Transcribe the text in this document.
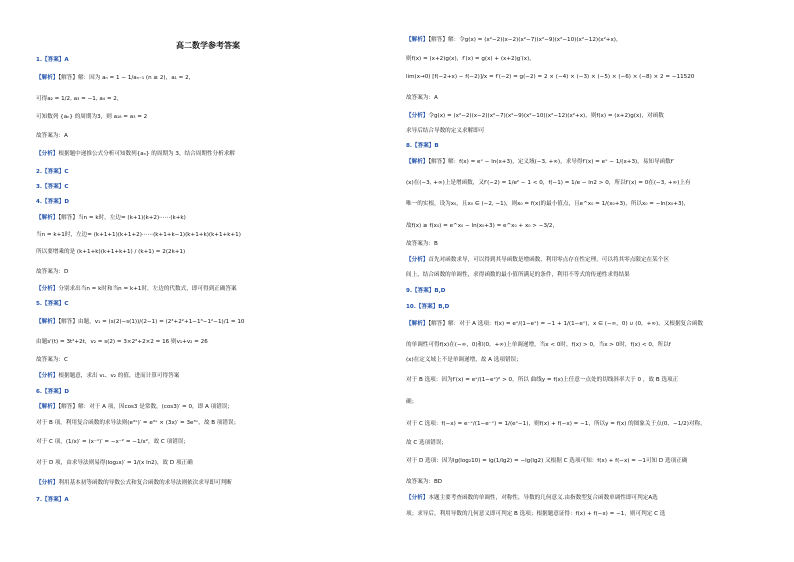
高二数学参考答案
1.【答案】A
【解析】【解答】解：因为 aₙ = 1 − 1/aₙ₋₁ (n ≥ 2)，a₁ = 2，
可得a₂ = 1/2, a₃ = −1, a₄ = 2，
可知数列 {aₙ} 的周期为3，则 a₁₈ = a₃ = 2
故答案为：A
【分析】根据题中递推公式分析可知数列{aₙ} 的周期为 3，结合周期性分析求解
2.【答案】C
3.【答案】C
4.【答案】D
【解析】【解答】当n = k时，左边= (k+1)(k+2)⋯⋯(k+k)
当n = k+1时，左边= (k+1+1)(k+1+2)⋯⋯(k+1+k−1)(k+1+k)(k+1+k+1)
所以要增乘的是 (k+1+k)(k+1+k+1) / (k+1) = 2(2k+1)
故答案为：D
【分析】分别求出当n = k时和当n = k+1时，左边的代数式，即可得到正确答案
5.【答案】C
【解析】【解答】由题，v₁ = (s(2)−s(1))/(2−1) = (2³+2²+1−1³−1²−1)/1 = 10
由题s'(t) = 3t²+2t，v₂ = s(2) = 3×2²+2×2 = 16 则v₁+v₂ = 26
故答案为：C
【分析】根据题意，求出 v₁、v₂ 的值，进而计算可得答案
6.【答案】D
【解析】【解答】解：对于 A 项，因cos3 是常数，(cos3)′ = 0，即 A 项错误；
对于 B 项，利用复合函数的求导法则(e³ˣ)′ = e³ˣ × (3x)′ = 3e³ˣ，故 B 项错误；
对于 C 项，(1/x)′ = (x⁻¹)′ = −x⁻² = −1/x²，故 C 项错误；
对于 D 项，由求导法则易得(log₂x)′ = 1/(x ln2)，故 D 项正确
【分析】利用基本初等函数的导数公式和复合函数的求导法则依次求导即可判断
7.【答案】A
【解析】【解答】解：令g(x) = (x²−2)(x−2)(x²−7)(x²−9)(x²−10)(x²−12)(x²+x)，
则f(x) = (x+2)g(x)，f′(x) = g(x) + (x+2)g′(x)，
lim(x→0) [f(−2+x) − f(−2)]/x = f′(−2) = g(−2) = 2 × (−4) × (−3) × (−5) × (−6) × (−8) × 2 = −11520
故答案为：A
【分析】令g(x) = (x²−2)(x−2)(x²−7)(x²−9)(x²−10)(x²−12)(x²+x)，则f(x) = (x+2)g(x)，对函数
求导后结合导数的定义求解即可
8.【答案】B
【解析】【解答】解：f(x) = eˣ − ln(x+3)，定义域(−3, +∞)，求导得f′(x) = eˣ − 1/(x+3)，易知导函数f′
(x)在(−3, +∞)上是增函数，又f′(−2) = 1/e² − 1 < 0，f(−1) = 1/e − ln2 > 0，所以f′(x) = 0在(−3, +∞)上有
唯一的实根，设为x₀，且x₀ ∈ (−2, −1)，则x₀ = f(x)的最小值点，且e^x₀ = 1/(x₀+3)，所以x₀ = −ln(x₀+3)，
故f(x) ≥ f(x₀) = e^x₀ − ln(x₀+3) = e^x₀ + x₀ > −3/2，
故答案为：B
【分析】首先对函数求导，可以得到其导函数是增函数，利用零点存在性定理，可以将其零点限定在某个区
间上，结合函数的单调性，求得函数的最小值所满足的条件，利用不等式的传递性求得结果
9.【答案】B,D
10.【答案】B,D
【解析】【解答】解：对于 A 选项：f(x) = eˣ/(1−eˣ) = −1 + 1/(1−eˣ)，x ∈ (−∞，0) ∪ (0，+∞)，又根据复合函数
的单调性可得f(x)在(−∞，0)和(0，+∞)上单调递增，当x < 0时，f(x) > 0，当x > 0时，f(x) < 0，所以f
(x)在定义域上不是单调递增，故 A 选项错误；
对于 B 选项：因为f′(x) = eˣ/(1−eˣ)² > 0，所以 曲线y = f(x)上任意一点处的切线斜率大于 0 ，故 B 选项正
确；
对于 C 选项：f(−x) = e⁻ˣ/(1−e⁻ˣ) = 1/(eˣ−1)，则f(x) + f(−x) = −1，所以y = f(x) 的图象关于点(0，−1/2)对称，
故 C 选项错误；
对于 D 选项：因为lg(log₂10) = lg(1/lg2) = −lg(lg2) 又根据 C 选项可知：f(x) + f(−x) = −1可知 D 选项正确
故答案为：BD
【分析】本题主要考查函数的单调性，对称性，导数的几何意义.由指数型复合函数单调性即可判定A选
项；求导后，利用导数的几何意义即可判定 B 选项；根据题意证得：f(x) + f(−x) = −1，则可判定 C 选
